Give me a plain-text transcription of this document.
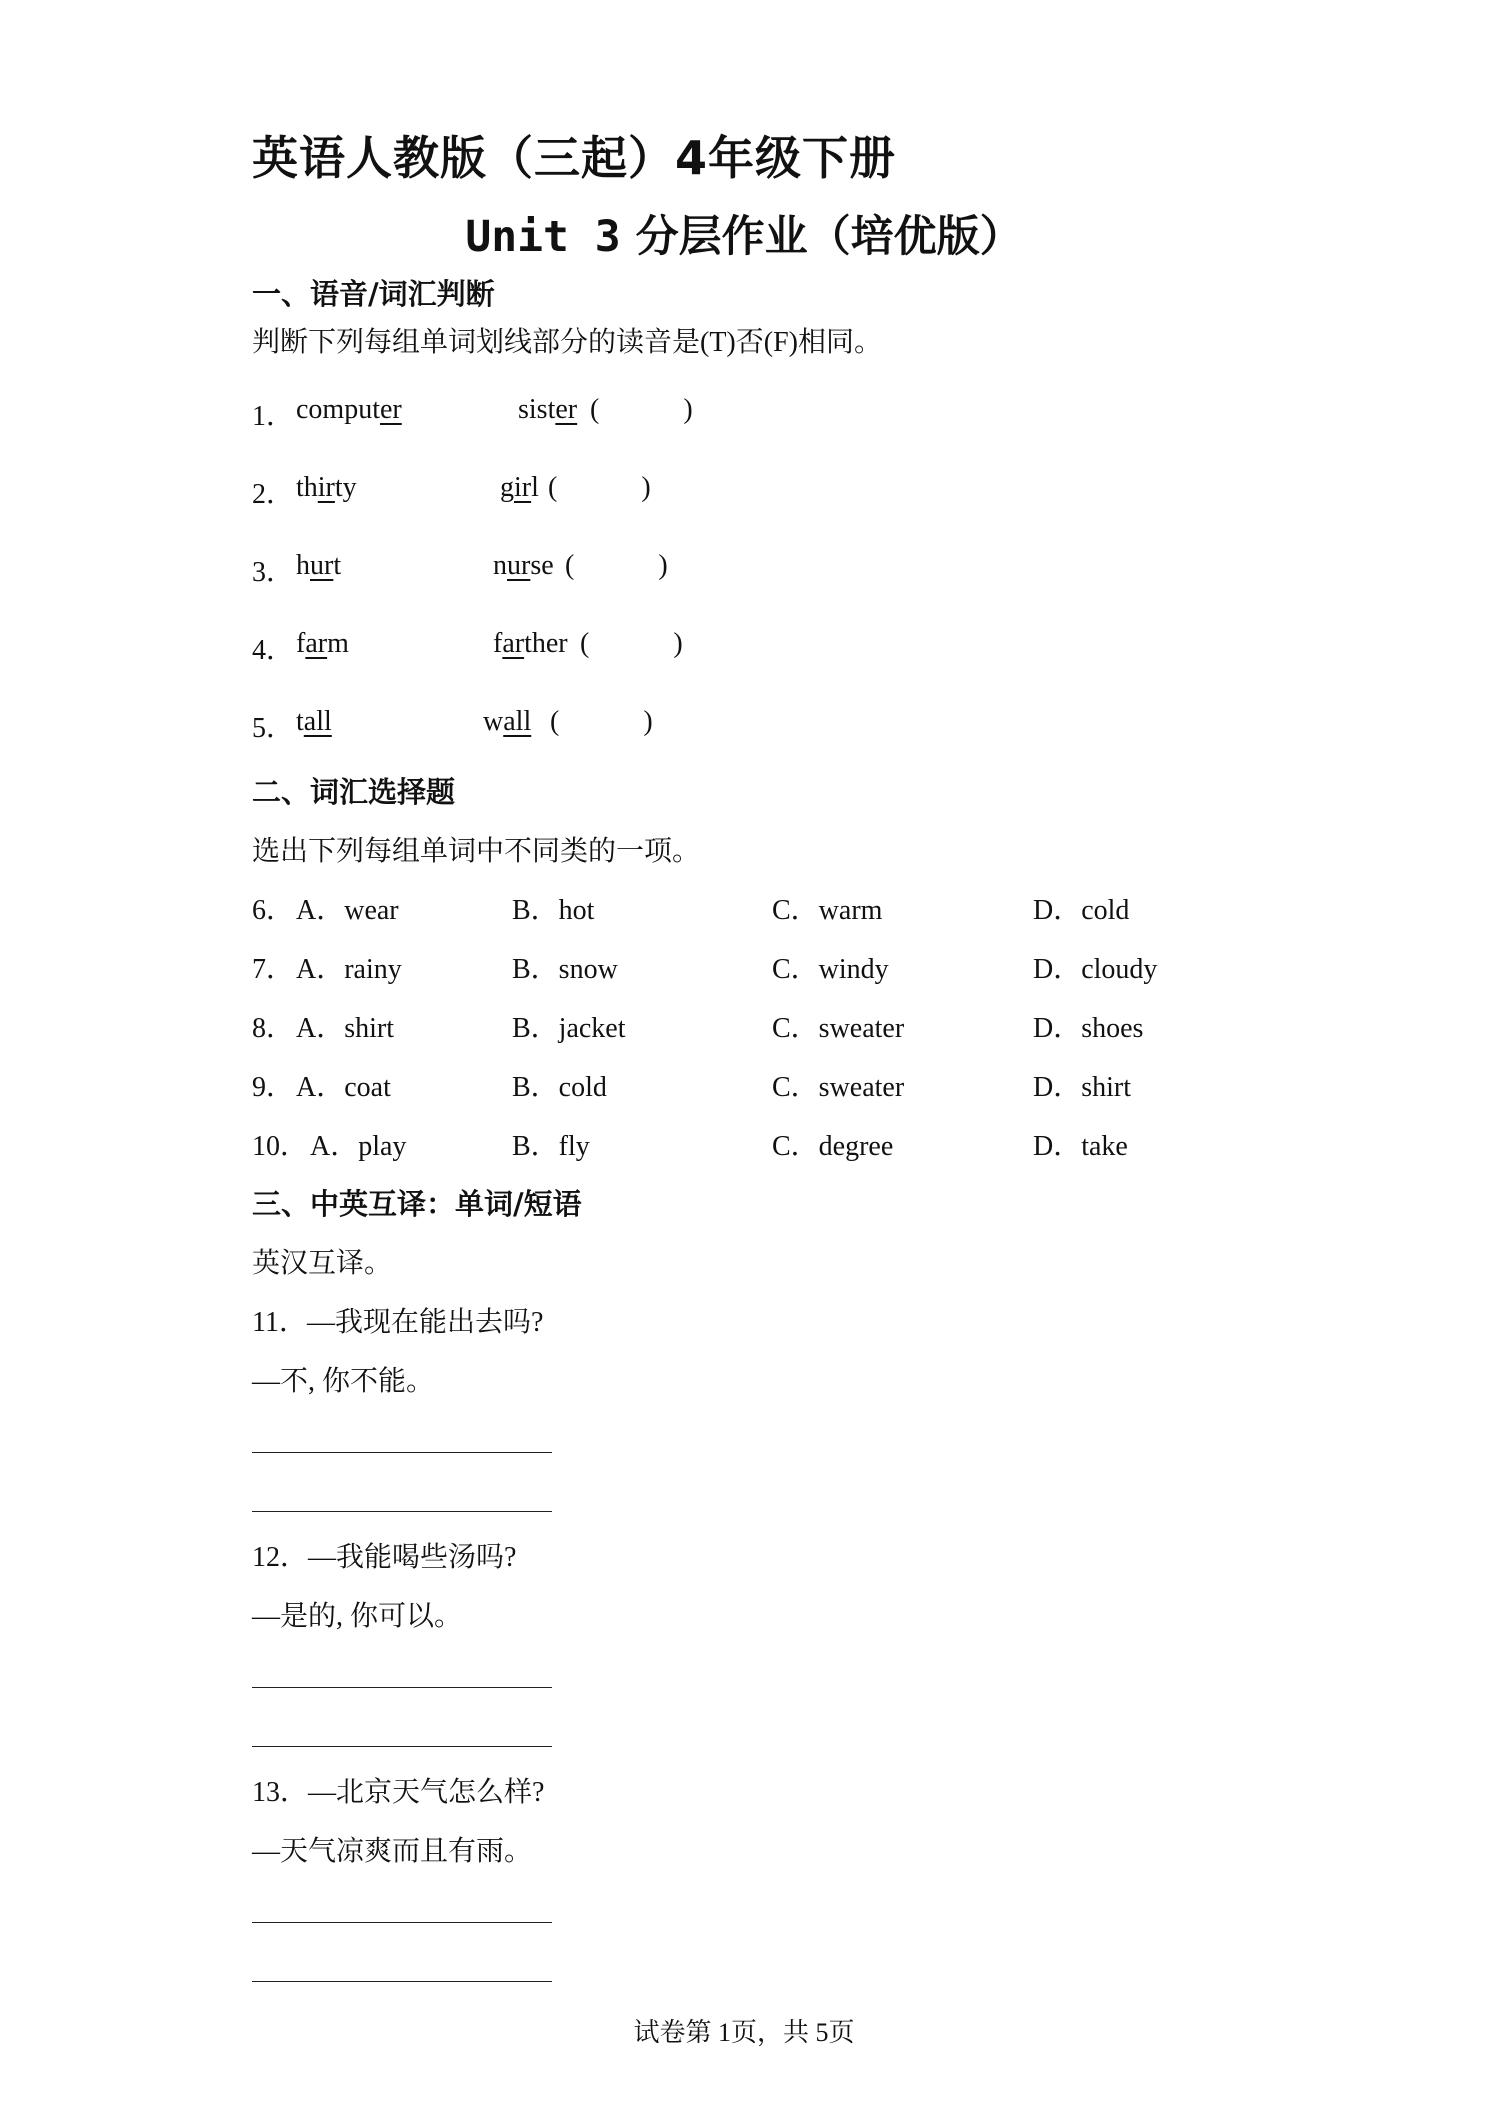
英语人教版（三起）4年级下册
Unit 3 分层作业（培优版）
一、语音/词汇判断
判断下列每组单词划线部分的读音是(T)否(F)相同。
1． computer	sister (            )
2． thirty	girl (            )
3． hurt	nurse (            )
4． farm	farther (            )
5． tall	wall (            )
二、词汇选择题
选出下列每组单词中不同类的一项。
6． A．wear	B．hot	C．warm	D．cold
7． A．rainy	B．snow	C．windy	D．cloudy
8． A．shirt	B．jacket	C．sweater	D．shoes
9． A．coat	B．cold	C．sweater	D．shirt
10． A．play	B．fly	C．degree	D．take
三、中英互译：单词/短语
英汉互译。
11．—我现在能出去吗?
—不, 你不能。
12．—我能喝些汤吗?
—是的, 你可以。
13．—北京天气怎么样?
—天气凉爽而且有雨。
试卷第 1页，共 5页
